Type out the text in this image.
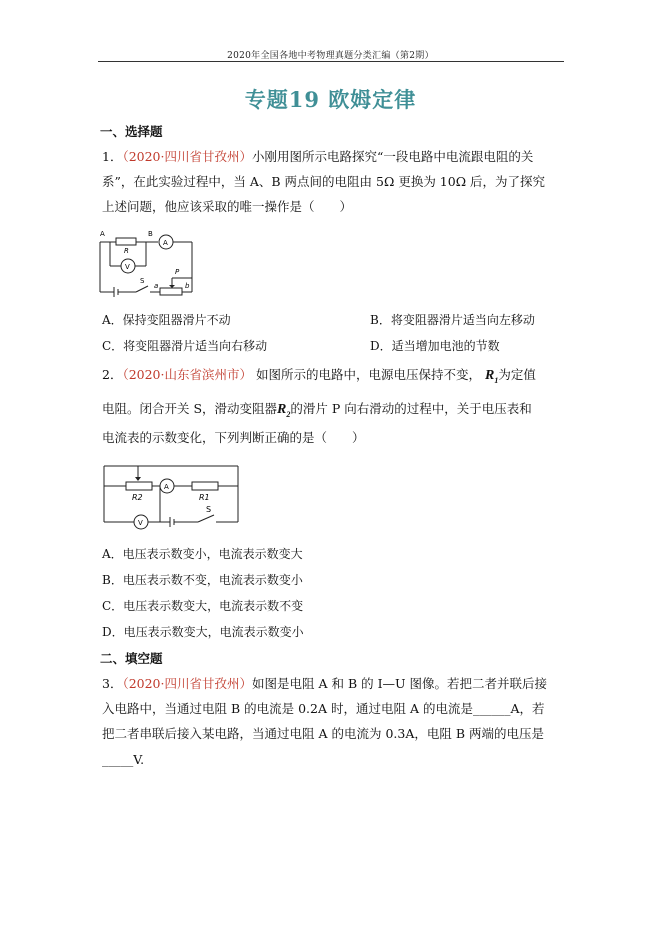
2020年全国各地中考物理真题分类汇编（第2期）
专题19 欧姆定律
一、选择题
1．（2020·四川省甘孜州）小刚用图所示电路探究“一段电路中电流跟电阻的关
系”，在此实验过程中，当 A、B 两点间的电阻由 5Ω 更换为 10Ω 后，为了探究
上述问题，他应该采取的唯一操作是（　　）
A	B
R
A
V
S
P
a	b
A．保持变阻器滑片不动	B．将变阻器滑片适当向左移动
C．将变阻器滑片适当向右移动	D．适当增加电池的节数
2．（2020·山东省滨州市） 如图所示的电路中，电源电压保持不变， $R_1$为定值
电阻。闭合开关 S，滑动变阻器$R_2$的滑片 P 向右滑动的过程中，关于电压表和
电流表的示数变化，下列判断正确的是（　　）
R2
A
R1
V
S
A．电压表示数变小，电流表示数变大
B．电压表示数不变，电流表示数变小
C．电压表示数变大，电流表示数不变
D．电压表示数变大，电流表示数变小
二、填空题
3．（2020·四川省甘孜州）如图是电阻 A 和 B 的 I—U 图像。若把二者并联后接
入电路中，当通过电阻 B 的电流是 0.2A 时，通过电阻 A 的电流是______A，若
把二者串联后接入某电路，当通过电阻 A 的电流为 0.3A，电阻 B 两端的电压是
_____V.
